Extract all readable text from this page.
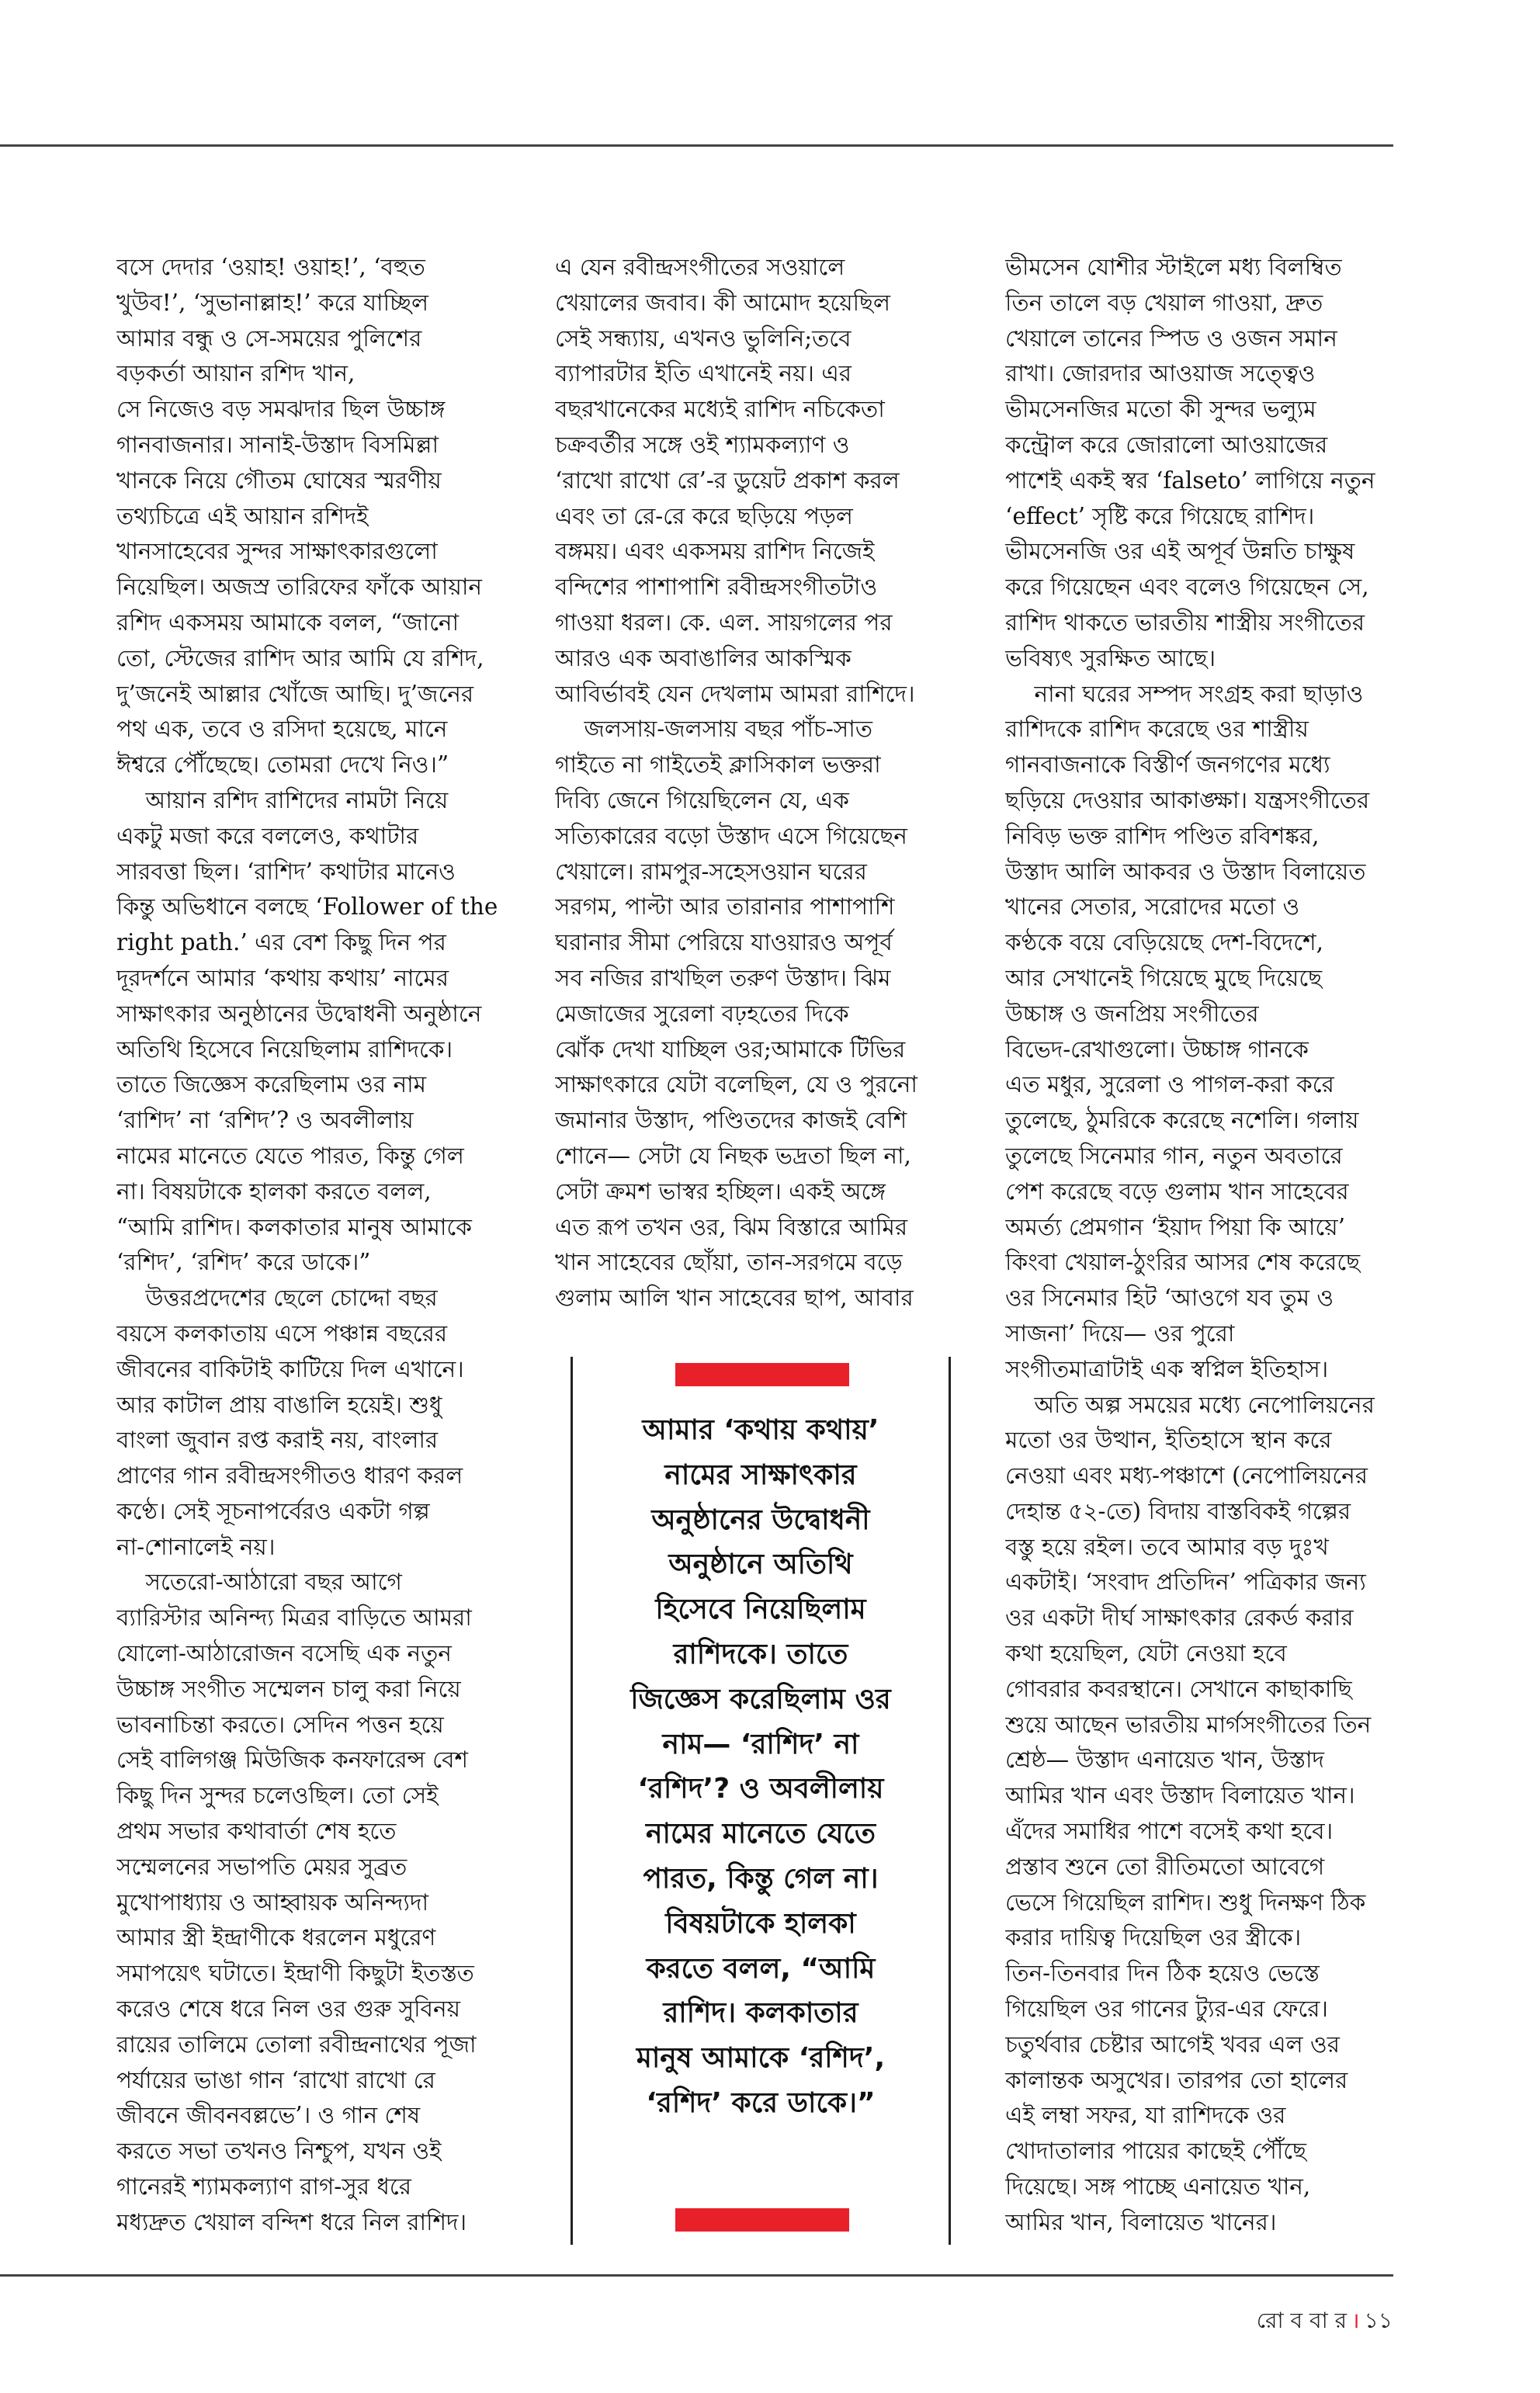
বসে দেদার ‘ওয়াহ! ওয়াহ!’, ‘বহুত
খুউব!’, ‘সুভানাল্লাহ!’ করে যাচ্ছিল
আমার বন্ধু ও সে-সময়ের পুলিশের
বড়কর্তা আয়ান রশিদ খান,
সে নিজেও বড় সমঝদার ছিল উচ্চাঙ্গ
গানবাজনার। সানাই-উস্তাদ বিসমিল্লা
খানকে নিয়ে গৌতম ঘোষের স্মরণীয়
তথ্যচিত্রে এই আয়ান রশিদই
খানসাহেবের সুন্দর সাক্ষাৎকারগুলো
নিয়েছিল। অজস্র তারিফের ফাঁকে আয়ান
রশিদ একসময় আমাকে বলল, “জানো
তো, স্টেজের রাশিদ আর আমি যে রশিদ,
দু’জনেই আল্লার খোঁজে আছি। দু’জনের
পথ এক, তবে ও রসিদা হয়েছে, মানে
ঈশ্বরে পৌঁছেছে। তোমরা দেখে নিও।”
আয়ান রশিদ রাশিদের নামটা নিয়ে
একটু মজা করে বললেও, কথাটার
সারবত্তা ছিল। ‘রাশিদ’ কথাটার মানেও
কিন্তু অভিধানে বলছে ‘Follower of the
right path.’ এর বেশ কিছু দিন পর
দূরদর্শনে আমার ‘কথায় কথায়’ নামের
সাক্ষাৎকার অনুষ্ঠানের উদ্বোধনী অনুষ্ঠানে
অতিথি হিসেবে নিয়েছিলাম রাশিদকে।
তাতে জিজ্ঞেস করেছিলাম ওর নাম
‘রাশিদ’ না ‘রশিদ’? ও অবলীলায়
নামের মানেতে যেতে পারত, কিন্তু গেল
না। বিষয়টাকে হালকা করতে বলল,
“আমি রাশিদ। কলকাতার মানুষ আমাকে
‘রশিদ’, ‘রশিদ’ করে ডাকে।”
উত্তরপ্রদেশের ছেলে চোদ্দো বছর
বয়সে কলকাতায় এসে পঞ্চান্ন বছরের
জীবনের বাকিটাই কাটিয়ে দিল এখানে।
আর কাটাল প্রায় বাঙালি হয়েই। শুধু
বাংলা জুবান রপ্ত করাই নয়, বাংলার
প্রাণের গান রবীন্দ্রসংগীতও ধারণ করল
কণ্ঠে। সেই সূচনাপর্বেরও একটা গল্প
না-শোনালেই নয়।
সতেরো-আঠারো বছর আগে
ব্যারিস্টার অনিন্দ্য মিত্রর বাড়িতে আমরা
যোলো-আঠারোজন বসেছি এক নতুন
উচ্চাঙ্গ সংগীত সম্মেলন চালু করা নিয়ে
ভাবনাচিন্তা করতে। সেদিন পত্তন হয়ে
সেই বালিগঞ্জ মিউজিক কনফারেন্স বেশ
কিছু দিন সুন্দর চলেওছিল। তো সেই
প্রথম সভার কথাবার্তা শেষ হতে
সম্মেলনের সভাপতি মেয়র সুব্রত
মুখোপাধ্যায় ও আহ্বায়ক অনিন্দ্যদা
আমার স্ত্রী ইন্দ্রাণীকে ধরলেন মধুরেণ
সমাপয়েৎ ঘটাতে। ইন্দ্রাণী কিছুটা ইতস্তত
করেও শেষে ধরে নিল ওর গুরু সুবিনয়
রায়ের তালিমে তোলা রবীন্দ্রনাথের পূজা
পর্যায়ের ভাঙা গান ‘রাখো রাখো রে
জীবনে জীবনবল্লভে’। ও গান শেষ
করতে সভা তখনও নিশ্চুপ, যখন ওই
গানেরই শ্যামকল্যাণ রাগ-সুর ধরে
মধ্যদ্রুত খেয়াল বন্দিশ ধরে নিল রাশিদ।
এ যেন রবীন্দ্রসংগীতের সওয়ালে
খেয়ালের জবাব। কী আমোদ হয়েছিল
সেই সন্ধ্যায়, এখনও ভুলিনি;তবে
ব্যাপারটার ইতি এখানেই নয়। এর
বছরখানেকের মধ্যেই রাশিদ নচিকেতা
চক্রবর্তীর সঙ্গে ওই শ্যামকল্যাণ ও
‘রাখো রাখো রে’-র ডুয়েট প্রকাশ করল
এবং তা রে-রে করে ছড়িয়ে পড়ল
বঙ্গময়। এবং একসময় রাশিদ নিজেই
বন্দিশের পাশাপাশি রবীন্দ্রসংগীতটাও
গাওয়া ধরল। কে. এল. সায়গলের পর
আরও এক অবাঙালির আকস্মিক
আবির্ভাবই যেন দেখলাম আমরা রাশিদে।
জলসায়-জলসায় বছর পাঁচ-সাত
গাইতে না গাইতেই ক্লাসিকাল ভক্তরা
দিব্যি জেনে গিয়েছিলেন যে, এক
সত্যিকারের বড়ো উস্তাদ এসে গিয়েছেন
খেয়ালে। রামপুর-সহেসওয়ান ঘরের
সরগম, পাল্টা আর তারানার পাশাপাশি
ঘরানার সীমা পেরিয়ে যাওয়ারও অপূর্ব
সব নজির রাখছিল তরুণ উস্তাদ। ঝিম
মেজাজের সুরেলা বঢ়হতের দিকে
ঝোঁক দেখা যাচ্ছিল ওর;আমাকে টিভির
সাক্ষাৎকারে যেটা বলেছিল, যে ও পুরনো
জমানার উস্তাদ, পণ্ডিতদের কাজই বেশি
শোনে— সেটা যে নিছক ভদ্রতা ছিল না,
সেটা ক্রমশ ভাস্বর হচ্ছিল। একই অঙ্গে
এত রূপ তখন ওর, ঝিম বিস্তারে আমির
খান সাহেবের ছোঁয়া, তান-সরগমে বড়ে
গুলাম আলি খান সাহেবের ছাপ, আবার
ভীমসেন যোশীর স্টাইলে মধ্য বিলম্বিত
তিন তালে বড় খেয়াল গাওয়া, দ্রুত
খেয়ালে তানের স্পিড ও ওজন সমান
রাখা। জোরদার আওয়াজ সত্ত্বেও
ভীমসেনজির মতো কী সুন্দর ভল্যুম
কন্ট্রোল করে জোরালো আওয়াজের
পাশেই একই স্বর ‘falseto’ লাগিয়ে নতুন
‘effect’ সৃষ্টি করে গিয়েছে রাশিদ।
ভীমসেনজি ওর এই অপূর্ব উন্নতি চাক্ষুষ
করে গিয়েছেন এবং বলেও গিয়েছেন সে,
রাশিদ থাকতে ভারতীয় শাস্ত্রীয় সংগীতের
ভবিষ্যৎ সুরক্ষিত আছে।
নানা ঘরের সম্পদ সংগ্রহ করা ছাড়াও
রাশিদকে রাশিদ করেছে ওর শাস্ত্রীয়
গানবাজনাকে বিস্তীর্ণ জনগণের মধ্যে
ছড়িয়ে দেওয়ার আকাঙ্ক্ষা। যন্ত্রসংগীতের
নিবিড় ভক্ত রাশিদ পণ্ডিত রবিশঙ্কর,
উস্তাদ আলি আকবর ও উস্তাদ বিলায়েত
খানের সেতার, সরোদের মতো ও
কণ্ঠকে বয়ে বেড়িয়েছে দেশ-বিদেশে,
আর সেখানেই গিয়েছে মুছে দিয়েছে
উচ্চাঙ্গ ও জনপ্রিয় সংগীতের
বিভেদ-রেখাগুলো। উচ্চাঙ্গ গানকে
এত মধুর, সুরেলা ও পাগল-করা করে
তুলেছে, ঠুমরিকে করেছে নশেলি। গলায়
তুলেছে সিনেমার গান, নতুন অবতারে
পেশ করেছে বড়ে গুলাম খান সাহেবের
অমর্ত্য প্রেমগান ‘ইয়াদ পিয়া কি আয়ে’
কিংবা খেয়াল-ঠুংরির আসর শেষ করেছে
ওর সিনেমার হিট ‘আওগে যব তুম ও
সাজনা’ দিয়ে— ওর পুরো
সংগীতমাত্রাটাই এক স্বপ্নিল ইতিহাস।
অতি অল্প সময়ের মধ্যে নেপোলিয়নের
মতো ওর উত্থান, ইতিহাসে স্থান করে
নেওয়া এবং মধ্য-পঞ্চাশে (নেপোলিয়নের
দেহান্ত ৫২-তে) বিদায় বাস্তবিকই গল্পের
বস্তু হয়ে রইল। তবে আমার বড় দুঃখ
একটাই। ‘সংবাদ প্রতিদিন’ পত্রিকার জন্য
ওর একটা দীর্ঘ সাক্ষাৎকার রেকর্ড করার
কথা হয়েছিল, যেটা নেওয়া হবে
গোবরার কবরস্থানে। সেখানে কাছাকাছি
শুয়ে আছেন ভারতীয় মার্গসংগীতের তিন
শ্রেষ্ঠ— উস্তাদ এনায়েত খান, উস্তাদ
আমির খান এবং উস্তাদ বিলায়েত খান।
এঁদের সমাধির পাশে বসেই কথা হবে।
প্রস্তাব শুনে তো রীতিমতো আবেগে
ভেসে গিয়েছিল রাশিদ। শুধু দিনক্ষণ ঠিক
করার দায়িত্ব দিয়েছিল ওর স্ত্রীকে।
তিন-তিনবার দিন ঠিক হয়েও ভেস্তে
গিয়েছিল ওর গানের ট্যুর-এর ফেরে।
চতুর্থবার চেষ্টার আগেই খবর এল ওর
কালান্তক অসুখের। তারপর তো হালের
এই লম্বা সফর, যা রাশিদকে ওর
খোদাতালার পায়ের কাছেই পৌঁছে
দিয়েছে। সঙ্গ পাচ্ছে এনায়েত খান,
আমির খান, বিলায়েত খানের।
আমার ‘কথায় কথায়’
নামের সাক্ষাৎকার
অনুষ্ঠানের উদ্বোধনী
অনুষ্ঠানে অতিথি
হিসেবে নিয়েছিলাম
রাশিদকে। তাতে
জিজ্ঞেস করেছিলাম ওর
নাম— ‘রাশিদ’ না
‘রশিদ’? ও অবলীলায়
নামের মানেতে যেতে
পারত, কিন্তু গেল না।
বিষয়টাকে হালকা
করতে বলল, “আমি
রাশিদ। কলকাতার
মানুষ আমাকে ‘রশিদ’,
‘রশিদ’ করে ডাকে।”
রো ব বা র । ১১
